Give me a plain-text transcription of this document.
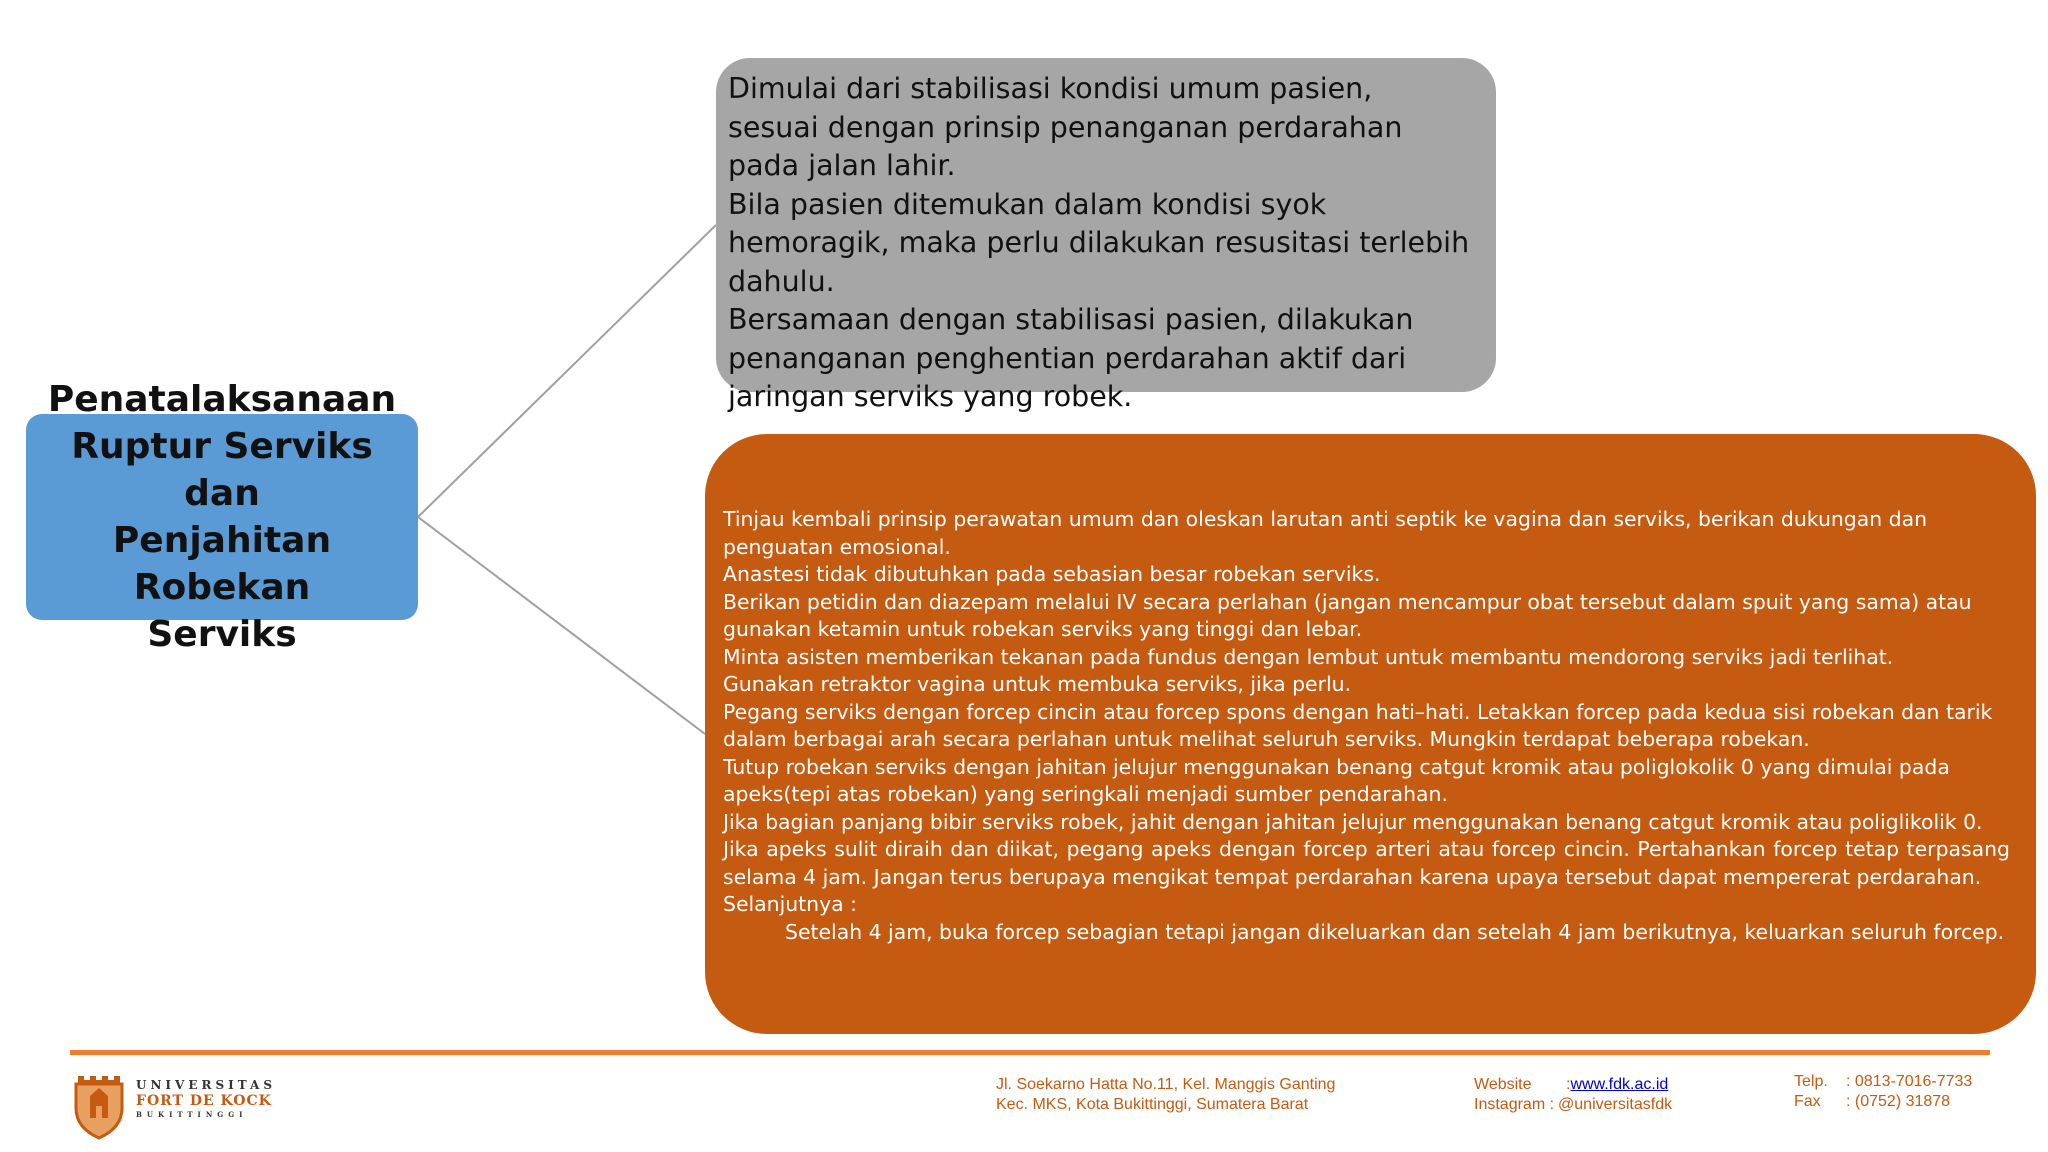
Penatalaksanaan
Ruptur Serviks dan
Penjahitan Robekan
Serviks

Dimulai dari stabilisasi kondisi umum pasien,

sesuai dengan prinsip penanganan perdarahan pada jalan lahir.

Bila pasien ditemukan dalam kondisi syok hemoragik, maka perlu dilakukan resusitasi terlebih dahulu.

Bersamaan dengan stabilisasi pasien, dilakukan penanganan penghentian perdarahan aktif dari jaringan serviks yang robek.

Tinjau kembali prinsip perawatan umum dan oleskan larutan anti septik ke vagina dan serviks, berikan dukungan dan penguatan emosional.

Anastesi tidak dibutuhkan pada sebasian besar robekan serviks.

Berikan petidin dan diazepam melalui IV secara perlahan (jangan mencampur obat tersebut dalam spuit yang sama) atau gunakan ketamin untuk robekan serviks yang tinggi dan lebar.

Minta asisten memberikan tekanan pada fundus dengan lembut untuk membantu mendorong serviks jadi terlihat.

Gunakan retraktor vagina untuk membuka serviks, jika perlu.

Pegang serviks dengan forcep cincin atau forcep spons dengan hati–hati. Letakkan forcep pada kedua sisi robekan dan tarik dalam berbagai arah secara perlahan untuk melihat seluruh serviks. Mungkin terdapat beberapa robekan.

Tutup robekan serviks dengan jahitan jelujur menggunakan benang catgut kromik atau poliglokolik 0 yang dimulai pada apeks(tepi atas robekan) yang seringkali menjadi sumber pendarahan.

Jika bagian panjang bibir serviks robek, jahit dengan jahitan jelujur menggunakan benang catgut kromik atau poliglikolik 0.

Jika apeks sulit diraih dan diikat, pegang apeks dengan forcep arteri atau forcep cincin. Pertahankan forcep tetap terpasang selama 4 jam. Jangan terus berupaya mengikat tempat perdarahan karena upaya tersebut dapat mempererat perdarahan.

Selanjutnya :

Setelah 4 jam, buka forcep sebagian tetapi jangan dikeluarkan dan setelah 4 jam berikutnya, keluarkan seluruh forcep.

UNIVERSITAS
FORT DE KOCK
BUKITTINGGI
Jl. Soekarno Hatta No.11, Kel. Manggis Ganting
Kec. MKS, Kota Bukittinggi, Sumatera Barat
Website	: www.fdk.ac.id
Instagram : @universitasfdk
Telp.	: 0813-7016-7733
Fax	: (0752) 31878
